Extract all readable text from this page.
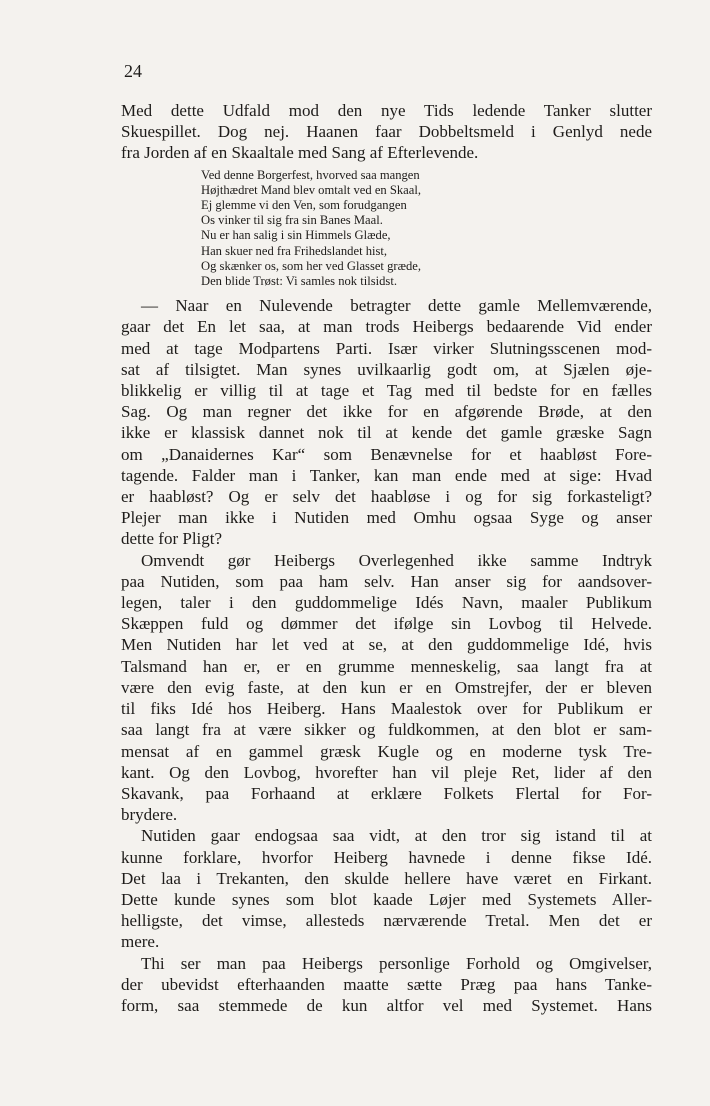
24

Med dette Udfald mod den nye Tids ledende Tanker slutter
Skuespillet. Dog nej. Haanen faar Dobbeltsmeld i Genlyd nede
fra Jorden af en Skaaltale med Sang af Efterlevende.

Ved denne Borgerfest, hvorved saa mangen
Højthædret Mand blev omtalt ved en Skaal,
Ej glemme vi den Ven, som forudgangen
Os vinker til sig fra sin Banes Maal.
Nu er han salig i sin Himmels Glæde,
Han skuer ned fra Frihedslandet hist,
Og skænker os, som her ved Glasset græde,
Den blide Trøst: Vi samles nok tilsidst.

— Naar en Nulevende betragter dette gamle Mellemværende,
gaar det En let saa, at man trods Heibergs bedaarende Vid ender
med at tage Modpartens Parti. Især virker Slutningsscenen mod-
sat af tilsigtet. Man synes uvilkaarlig godt om, at Sjælen øje-
blikkelig er villig til at tage et Tag med til bedste for en fælles
Sag. Og man regner det ikke for en afgørende Brøde, at den
ikke er klassisk dannet nok til at kende det gamle græske Sagn
om „Danaidernes Kar“ som Benævnelse for et haabløst Fore-
tagende. Falder man i Tanker, kan man ende med at sige: Hvad
er haabløst? Og er selv det haabløse i og for sig forkasteligt?
Plejer man ikke i Nutiden med Omhu ogsaa Syge og anser
dette for Pligt?

Omvendt gør Heibergs Overlegenhed ikke samme Indtryk
paa Nutiden, som paa ham selv. Han anser sig for aandsover-
legen, taler i den guddommelige Idés Navn, maaler Publikum
Skæppen fuld og dømmer det ifølge sin Lovbog til Helvede.
Men Nutiden har let ved at se, at den guddommelige Idé, hvis
Talsmand han er, er en grumme menneskelig, saa langt fra at
være den evig faste, at den kun er en Omstrejfer, der er bleven
til fiks Idé hos Heiberg. Hans Maalestok over for Publikum er
saa langt fra at være sikker og fuldkommen, at den blot er sam-
mensat af en gammel græsk Kugle og en moderne tysk Tre-
kant. Og den Lovbog, hvorefter han vil pleje Ret, lider af den
Skavank, paa Forhaand at erklære Folkets Flertal for For-
brydere.

Nutiden gaar endogsaa saa vidt, at den tror sig istand til at
kunne forklare, hvorfor Heiberg havnede i denne fikse Idé.
Det laa i Trekanten, den skulde hellere have været en Firkant.
Dette kunde synes som blot kaade Løjer med Systemets Aller-
helligste, det vimse, allesteds nærværende Tretal. Men det er
mere.

Thi ser man paa Heibergs personlige Forhold og Omgivelser,
der ubevidst efterhaanden maatte sætte Præg paa hans Tanke-
form, saa stemmede de kun altfor vel med Systemet. Hans
